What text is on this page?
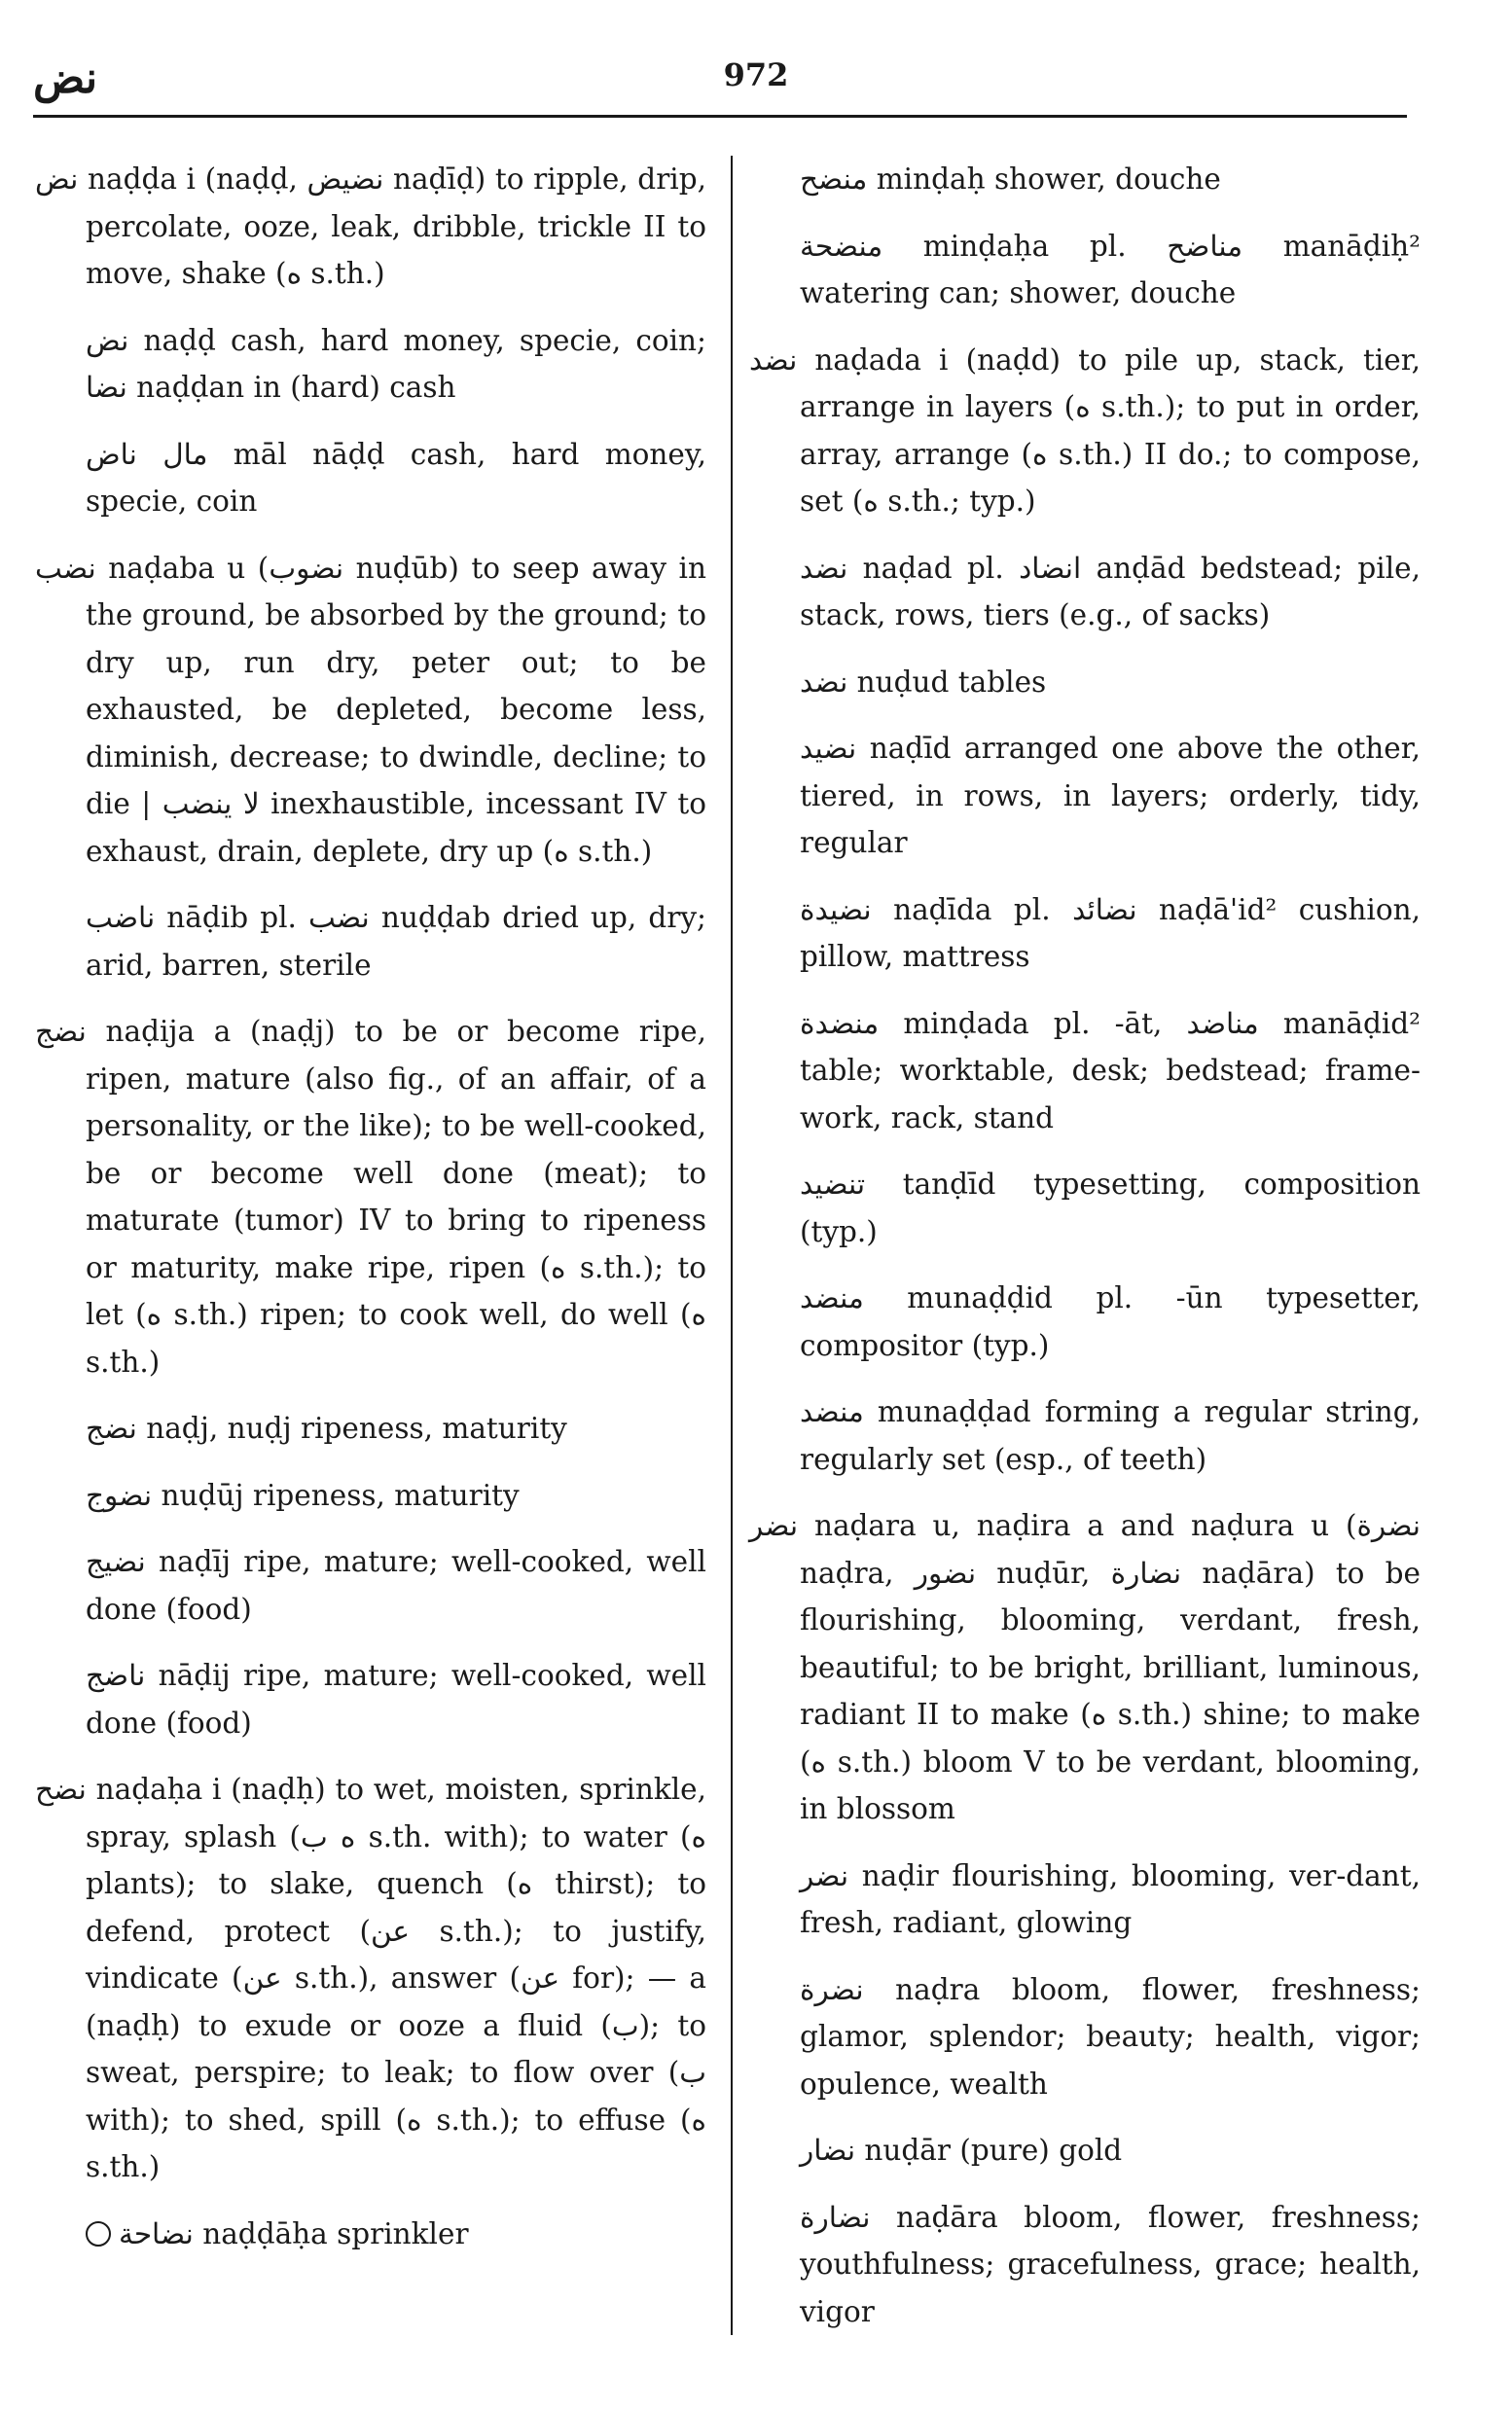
نض	972

نض naḍḍa i (naḍḍ, نضيض naḍīḍ) to ripple, drip, percolate, ooze, leak, dribble, trickle II to move, shake (ه s.th.)

نض naḍḍ cash, hard money, specie, coin; نضا naḍḍan in (hard) cash

مال ناض māl nāḍḍ cash, hard money, specie, coin

نضب naḍaba u (نضوب nuḍūb) to seep away in the ground, be absorbed by the ground; to dry up, run dry, peter out; to be exhausted, be depleted, become less, diminish, decrease; to dwindle, decline; to die | لا ينضب inexhaustible, incessant IV to exhaust, drain, deplete, dry up (ه s.th.)

ناضب nāḍib pl. نضب nuḍḍab dried up, dry; arid, barren, sterile

نضج naḍija a (naḍj) to be or become ripe, ripen, mature (also fig., of an affair, of a personality, or the like); to be well-cooked, be or become well done (meat); to maturate (tumor) IV to bring to ripeness or maturity, make ripe, ripen (ه s.th.); to let (ه s.th.) ripen; to cook well, do well (ه s.th.)

نضج naḍj, nuḍj ripeness, maturity

نضوج nuḍūj ripeness, maturity

نضيج naḍīj ripe, mature; well-cooked, well done (food)

ناضج nāḍij ripe, mature; well-cooked, well done (food)

نضح naḍaḥa i (naḍḥ) to wet, moisten, sprinkle, spray, splash (ه ب s.th. with); to water (ه plants); to slake, quench (ه thirst); to defend, protect (عن s.th.); to justify, vindicate (عن s.th.), answer (عن for); — a (naḍḥ) to exude or ooze a fluid (ب); to sweat, perspire; to leak; to flow over (ب with); to shed, spill (ه s.th.); to effuse (ه s.th.)

نضاحة naḍḍāḥa sprinkler

منضح minḍaḥ shower, douche

منضحة minḍaḥa pl. مناضح manāḍiḥ² watering can; shower, douche

نضد naḍada i (naḍd) to pile up, stack, tier, arrange in layers (ه s.th.); to put in order, array, arrange (ه s.th.) II do.; to compose, set (ه s.th.; typ.)

نضد naḍad pl. انضاد anḍād bedstead; pile, stack, rows, tiers (e.g., of sacks)

نضد nuḍud tables

نضيد naḍīd arranged one above the other, tiered, in rows, in layers; orderly, tidy, regular

نضيدة naḍīda pl. نضائد naḍā'id² cushion, pillow, mattress

منضدة minḍada pl. -āt, مناضد manāḍid² table; worktable, desk; bedstead; frame-work, rack, stand

تنضيد tanḍīd typesetting, composition (typ.)

منضد munaḍḍid pl. -ūn typesetter, compositor (typ.)

منضد munaḍḍad forming a regular string, regularly set (esp., of teeth)

نضر naḍara u, naḍira a and naḍura u (نضرة naḍra, نضور nuḍūr, نضارة naḍāra) to be flourishing, blooming, verdant, fresh, beautiful; to be bright, brilliant, luminous, radiant II to make (ه s.th.) shine; to make (ه s.th.) bloom V to be verdant, blooming, in blossom

نضر naḍir flourishing, blooming, ver-dant, fresh, radiant, glowing

نضرة naḍra bloom, flower, freshness; glamor, splendor; beauty; health, vigor; opulence, wealth

نضار nuḍār (pure) gold

نضارة naḍāra bloom, flower, freshness; youthfulness; gracefulness, grace; health, vigor
